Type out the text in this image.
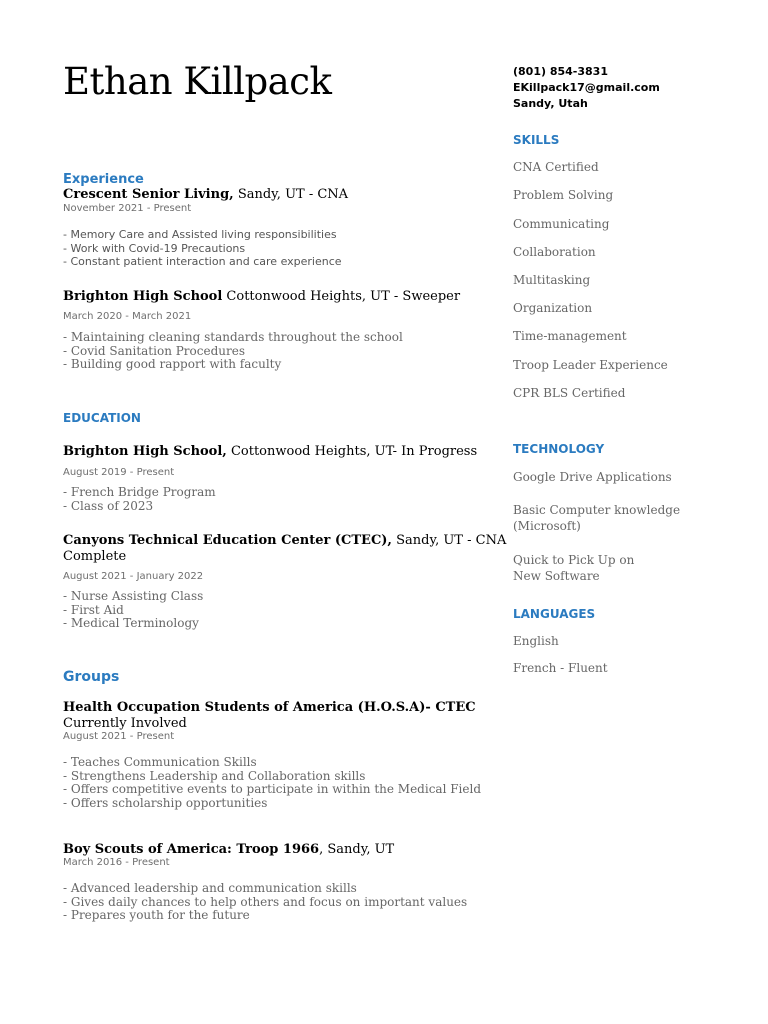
Ethan Killpack	(801) 854-3831
EKillpack17@gmail.com
Sandy, Utah
Experience
Crescent Senior Living, Sandy, UT - CNA
November 2021 - Present
- Memory Care and Assisted living responsibilities
- Work with Covid-19 Precautions
- Constant patient interaction and care experience
Brighton High School Cottonwood Heights, UT - Sweeper
March 2020 - March 2021
- Maintaining cleaning standards throughout the school
- Covid Sanitation Procedures
- Building good rapport with faculty
EDUCATION
Brighton High School, Cottonwood Heights, UT- In Progress
August 2019 - Present
- French Bridge Program
- Class of 2023
Canyons Technical Education Center (CTEC), Sandy, UT - CNA
Complete
August 2021 - January 2022
- Nurse Assisting Class
- First Aid
- Medical Terminology
Groups
Health Occupation Students of America (H.O.S.A)- CTEC
Currently Involved
August 2021 - Present
- Teaches Communication Skills
- Strengthens Leadership and Collaboration skills
- Offers competitive events to participate in within the Medical Field
- Offers scholarship opportunities
Boy Scouts of America: Troop 1966, Sandy, UT
March 2016 - Present
- Advanced leadership and communication skills
- Gives daily chances to help others and focus on important values
- Prepares youth for the future
SKILLS
CNA Certified
Problem Solving
Communicating
Collaboration
Multitasking
Organization
Time-management
Troop Leader Experience
CPR BLS Certified
TECHNOLOGY
Google Drive Applications
Basic Computer knowledge (Microsoft)
Quick to Pick Up on New Software
LANGUAGES
English
French - Fluent
